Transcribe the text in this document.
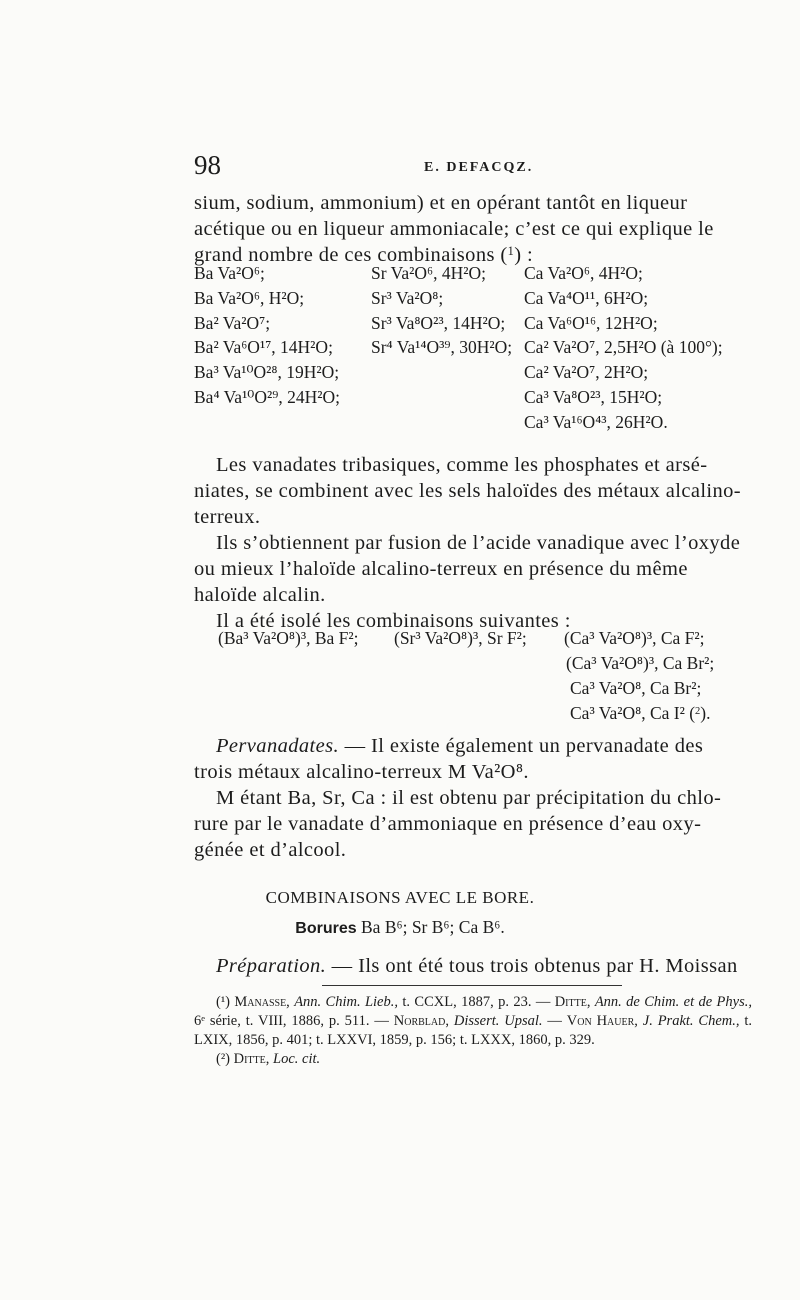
98	E. DEFACQZ.

sium, sodium, ammonium) et en opérant tantôt en liqueur

acétique ou en liqueur ammoniacale; c’est ce qui explique le

grand nombre de ces combinaisons ($^1$) :

Ba Va²O⁶;
Ba Va²O⁶, H²O;
Ba² Va²O⁷;
Ba² Va⁶O¹⁷, 14H²O;
Ba³ Va¹⁰O²⁸, 19H²O;
Ba⁴ Va¹⁰O²⁹, 24H²O;
Sr Va²O⁶, 4H²O;
Sr³ Va²O⁸;
Sr³ Va⁸O²³, 14H²O;
Sr⁴ Va¹⁴O³⁹, 30H²O;
Ca Va²O⁶, 4H²O;
Ca Va⁴O¹¹, 6H²O;
Ca Va⁶O¹⁶, 12H²O;
Ca² Va²O⁷, 2,5H²O (à 100°);
Ca² Va²O⁷, 2H²O;
Ca³ Va⁸O²³, 15H²O;
Ca³ Va¹⁶O⁴³, 26H²O.

Les vanadates tribasiques, comme les phosphates et arsé-

niates, se combinent avec les sels haloïdes des métaux alcalino-

terreux.

Ils s’obtiennent par fusion de l’acide vanadique avec l’oxyde

ou mieux l’haloïde alcalino-terreux en présence du même

haloïde alcalin.

Il a été isolé les combinaisons suivantes :

(Ba³ Va²O⁸)³, Ba F²; (Sr³ Va²O⁸)³, Sr F²; (Ca³ Va²O⁸)³, Ca F²;
(Ca³ Va²O⁸)³, Ca Br²;
Ca³ Va²O⁸, Ca Br²;
Ca³ Va²O⁸, Ca I² ($^2$).

Pervanadates. — Il existe également un pervanadate des

trois métaux alcalino-terreux M Va²O⁸.

M étant Ba, Sr, Ca : il est obtenu par précipitation du chlo-

rure par le vanadate d’ammoniaque en présence d’eau oxy-

génée et d’alcool.

COMBINAISONS AVEC LE BORE.
Borures Ba B⁶; Sr B⁶; Ca B⁶.

Préparation. — Ils ont été tous trois obtenus par H. Moissan

(¹) Manasse, Ann. Chim. Lieb., t. CCXL, 1887, p. 23. — Ditte, Ann. de Chim. et de Phys., 6ᵉ série, t. VIII, 1886, p. 511. — Norblad, Dissert. Upsal. — Von Hauer, J. Prakt. Chem., t. LXIX, 1856, p. 401; t. LXXVI, 1859, p. 156; t. LXXX, 1860, p. 329.

(²) Ditte, Loc. cit.
